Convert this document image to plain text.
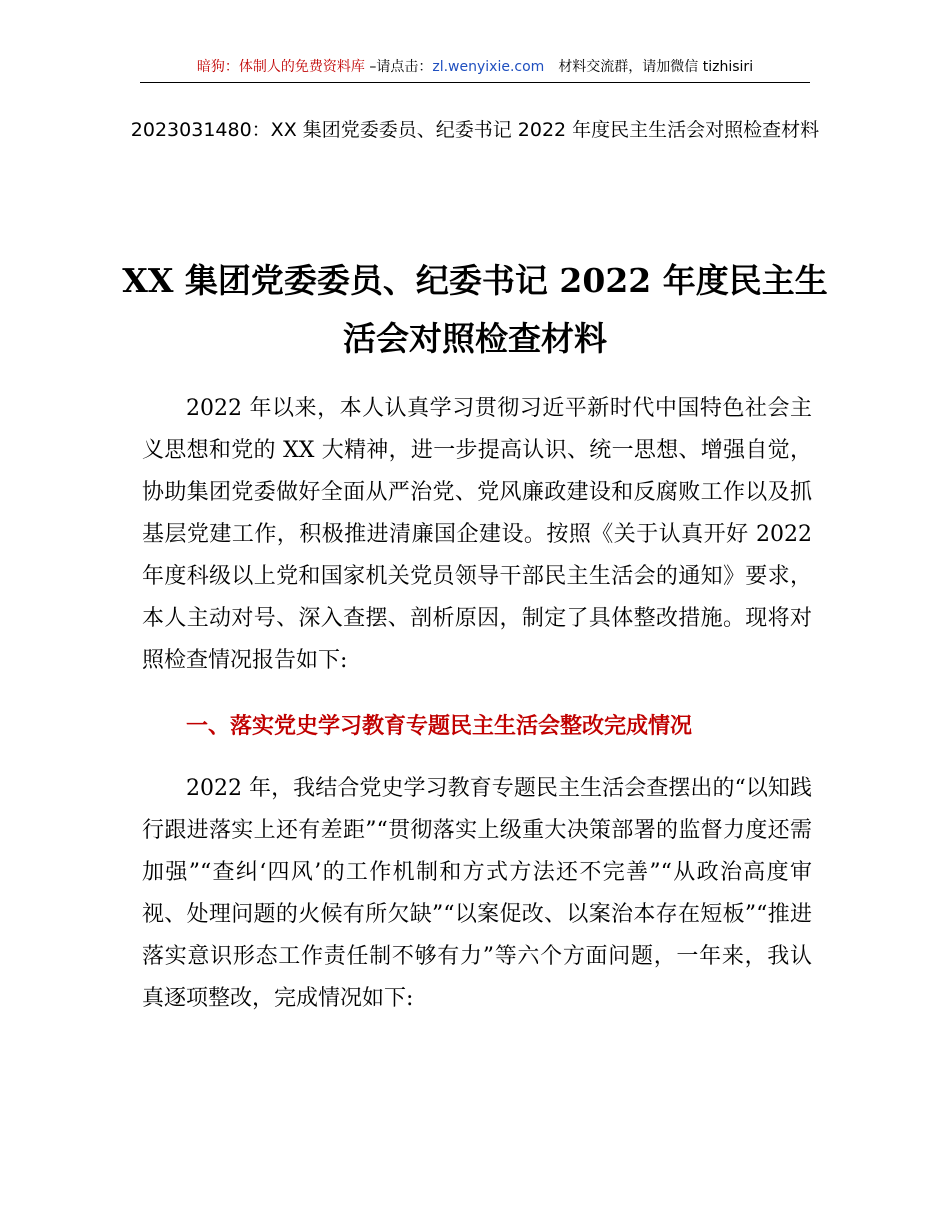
暗狗：体制人的免费资料库 –请点击：zl.wenyixie.com 材料交流群，请加微信 tizhisiri
2023031480：XX 集团党委委员、纪委书记 2022 年度民主生活会对照检查材料
XX 集团党委委员、纪委书记 2022 年度民主生活会对照检查材料
2022 年以来，本人认真学习贯彻习近平新时代中国特色社会主义思想和党的 XX 大精神，进一步提高认识、统一思想、增强自觉，协助集团党委做好全面从严治党、党风廉政建设和反腐败工作以及抓基层党建工作，积极推进清廉国企建设。按照《关于认真开好 2022 年度科级以上党和国家机关党员领导干部民主生活会的通知》要求，本人主动对号、深入查摆、剖析原因，制定了具体整改措施。现将对照检查情况报告如下:
一、落实党史学习教育专题民主生活会整改完成情况
2022 年，我结合党史学习教育专题民主生活会查摆出的“以知践行跟进落实上还有差距”“贯彻落实上级重大决策部署的监督力度还需加强”“查纠‘四风’的工作机制和方式方法还不完善”“从政治高度审视、处理问题的火候有所欠缺”“以案促改、以案治本存在短板”“推进落实意识形态工作责任制不够有力”等六个方面问题，一年来，我认真逐项整改，完成情况如下:
